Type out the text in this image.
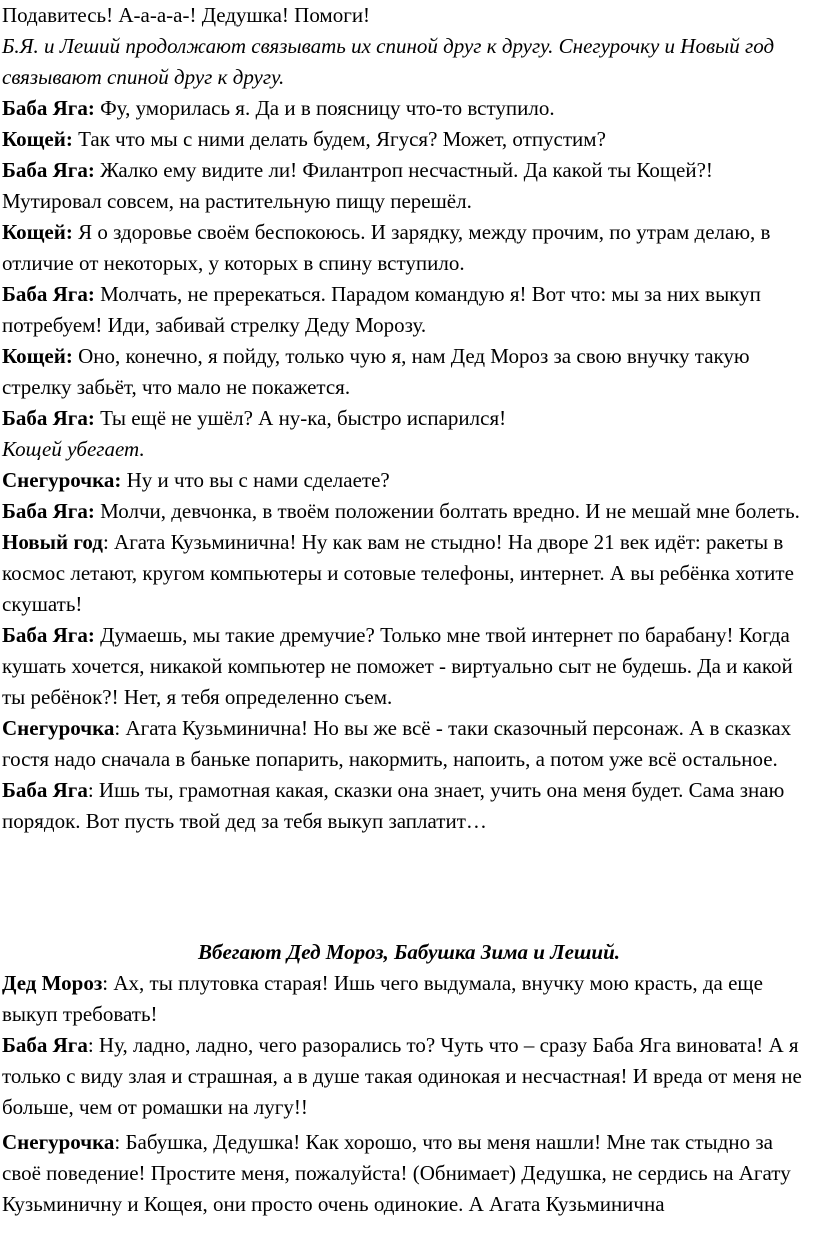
Подавитесь! А-а-а-а-! Дедушка! Помоги!

Б.Я. и Леший продолжают связывать их спиной друг к другу. Снегурочку и Новый год связывают спиной друг к другу.

Баба Яга: Фу, уморилась я. Да и в поясницу что-то вступило.

Кощей: Так что мы с ними делать будем, Ягуся? Может, отпустим?

Баба Яга: Жалко ему видите ли! Филантроп несчастный. Да какой ты Кощей?! Мутировал совсем, на растительную пищу перешёл.

Кощей: Я о здоровье своём беспокоюсь. И зарядку, между прочим, по утрам делаю, в отличие от некоторых, у которых в спину вступило.

Баба Яга: Молчать, не пререкаться. Парадом командую я! Вот что: мы за них выкуп потребуем! Иди, забивай стрелку Деду Морозу.

Кощей: Оно, конечно, я пойду, только чую я, нам Дед Мороз за свою внучку такую стрелку забьёт, что мало не покажется.

Баба Яга: Ты ещё не ушёл? А ну-ка, быстро испарился!

Кощей убегает.

Снегурочка: Ну и что вы с нами сделаете?

Баба Яга: Молчи, девчонка, в твоём положении болтать вредно. И не мешай мне болеть.

Новый год: Агата Кузьминична! Ну как вам не стыдно! На дворе 21 век идёт: ракеты в космос летают, кругом компьютеры и сотовые телефоны, интернет. А вы ребёнка хотите скушать!

Баба Яга: Думаешь, мы такие дремучие? Только мне твой интернет по барабану! Когда кушать хочется, никакой компьютер не поможет - виртуально сыт не будешь. Да и какой ты ребёнок?! Нет, я тебя определенно съем.

Снегурочка: Агата Кузьминична! Но вы же всё - таки сказочный персонаж. А в сказках гостя надо сначала в баньке попарить, накормить, напоить, а потом уже всё остальное.

Баба Яга: Ишь ты, грамотная какая, сказки она знает, учить она меня будет. Сама знаю порядок. Вот пусть твой дед за тебя выкуп заплатит…

Вбегают Дед Мороз, Бабушка Зима и Леший.

Дед Мороз: Ах, ты плутовка старая! Ишь чего выдумала, внучку мою красть, да еще выкуп требовать!

Баба Яга: Ну, ладно, ладно, чего разорались то? Чуть что – сразу Баба Яга виновата! А я только с виду злая и страшная, а в душе такая одинокая и несчастная! И вреда от меня не больше, чем от ромашки на лугу!!

Снегурочка: Бабушка, Дедушка! Как хорошо, что вы меня нашли! Мне так стыдно за своё поведение! Простите меня, пожалуйста! (Обнимает) Дедушка, не сердись на Агату Кузьминичну и Кощея, они просто очень одинокие. А Агата Кузьминична
